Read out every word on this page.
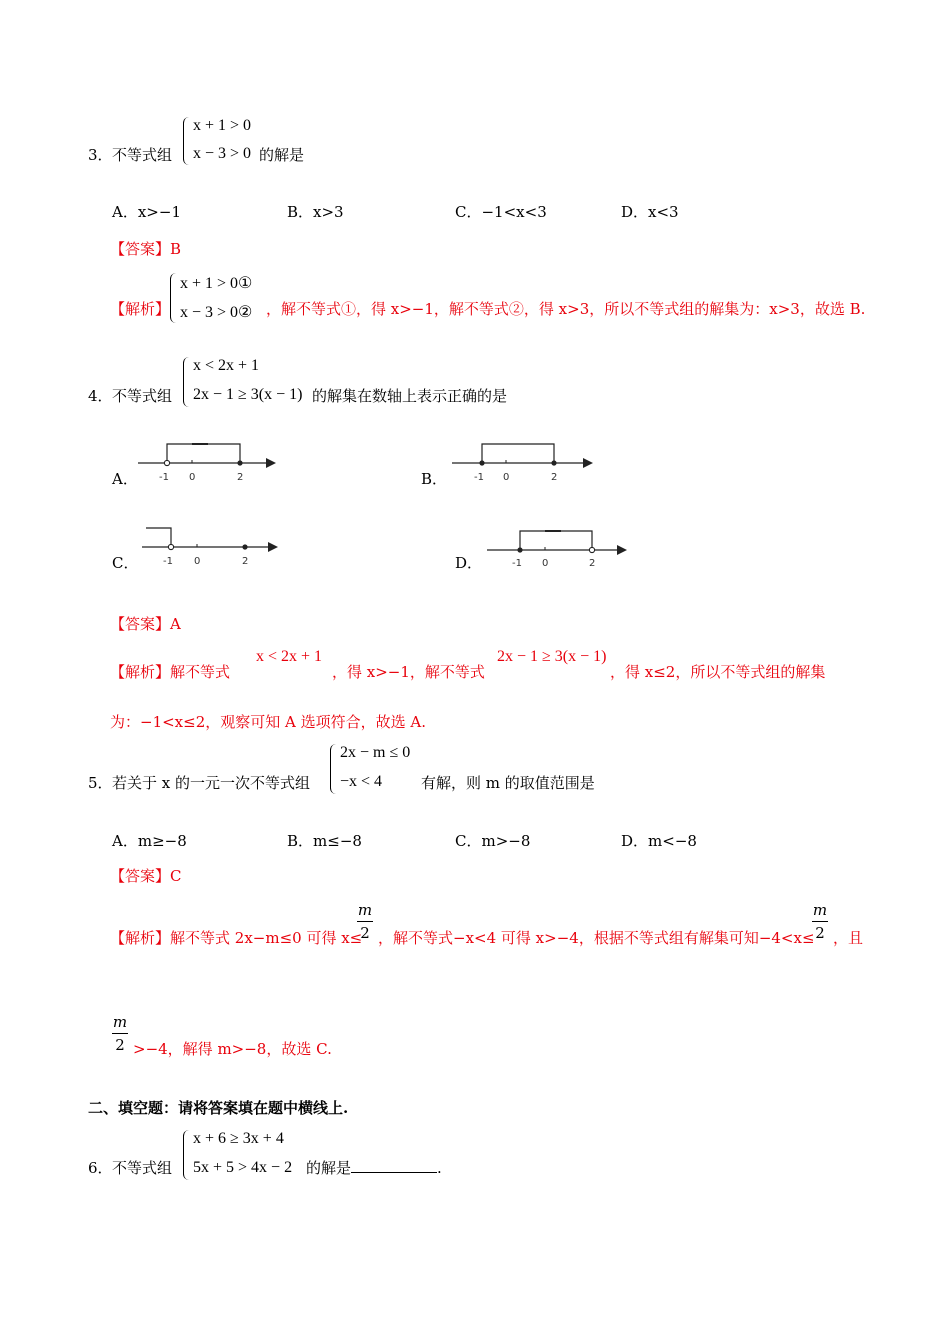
3． 不等式组
x + 1 > 0
x − 3 > 0 的解是
A．x>−1	B．x>3	C．−1<x<3	D．x<3
【答案】B
【解析】
x + 1 > 0①
x − 3 > 0② ，解不等式①，得 x>−1，解不等式②，得 x>3，所以不等式组的解集为：x>3，故选 B.
4． 不等式组
x < 2x + 1
2x − 1 ≥ 3(x − 1) 的解集在数轴上表示正确的是
A． -1 0	2	B．	-1 0	2
C． -1 0	2	D．	-1 0	2
【答案】A
【解析】解不等式
x < 2x + 1
，得 x>−1，解不等式
2x − 1 ≥ 3(x − 1)
，得 x≤2，所以不等式组的解集
为：−1<x≤2，观察可知 A 选项符合，故选 A.
5． 若关于 x 的一元一次不等式组
2x − m ≤ 0
−x < 4	有解，则 m 的取值范围是
A．m≥−8	B．m≤−8	C．m>−8	D．m<−8
【答案】C
【解析】解不等式 2x−m≤0 可得 x≤
m
2 ，解不等式−x<4 可得 x>−4，根据不等式组有解集可知−4<x≤
m
2 ，且
m
2 >−4，解得 m>−8，故选 C.
二、填空题：请将答案填在题中横线上.
6． 不等式组
x + 6 ≥ 3x + 4
5x + 5 > 4x − 2 的解是	.
